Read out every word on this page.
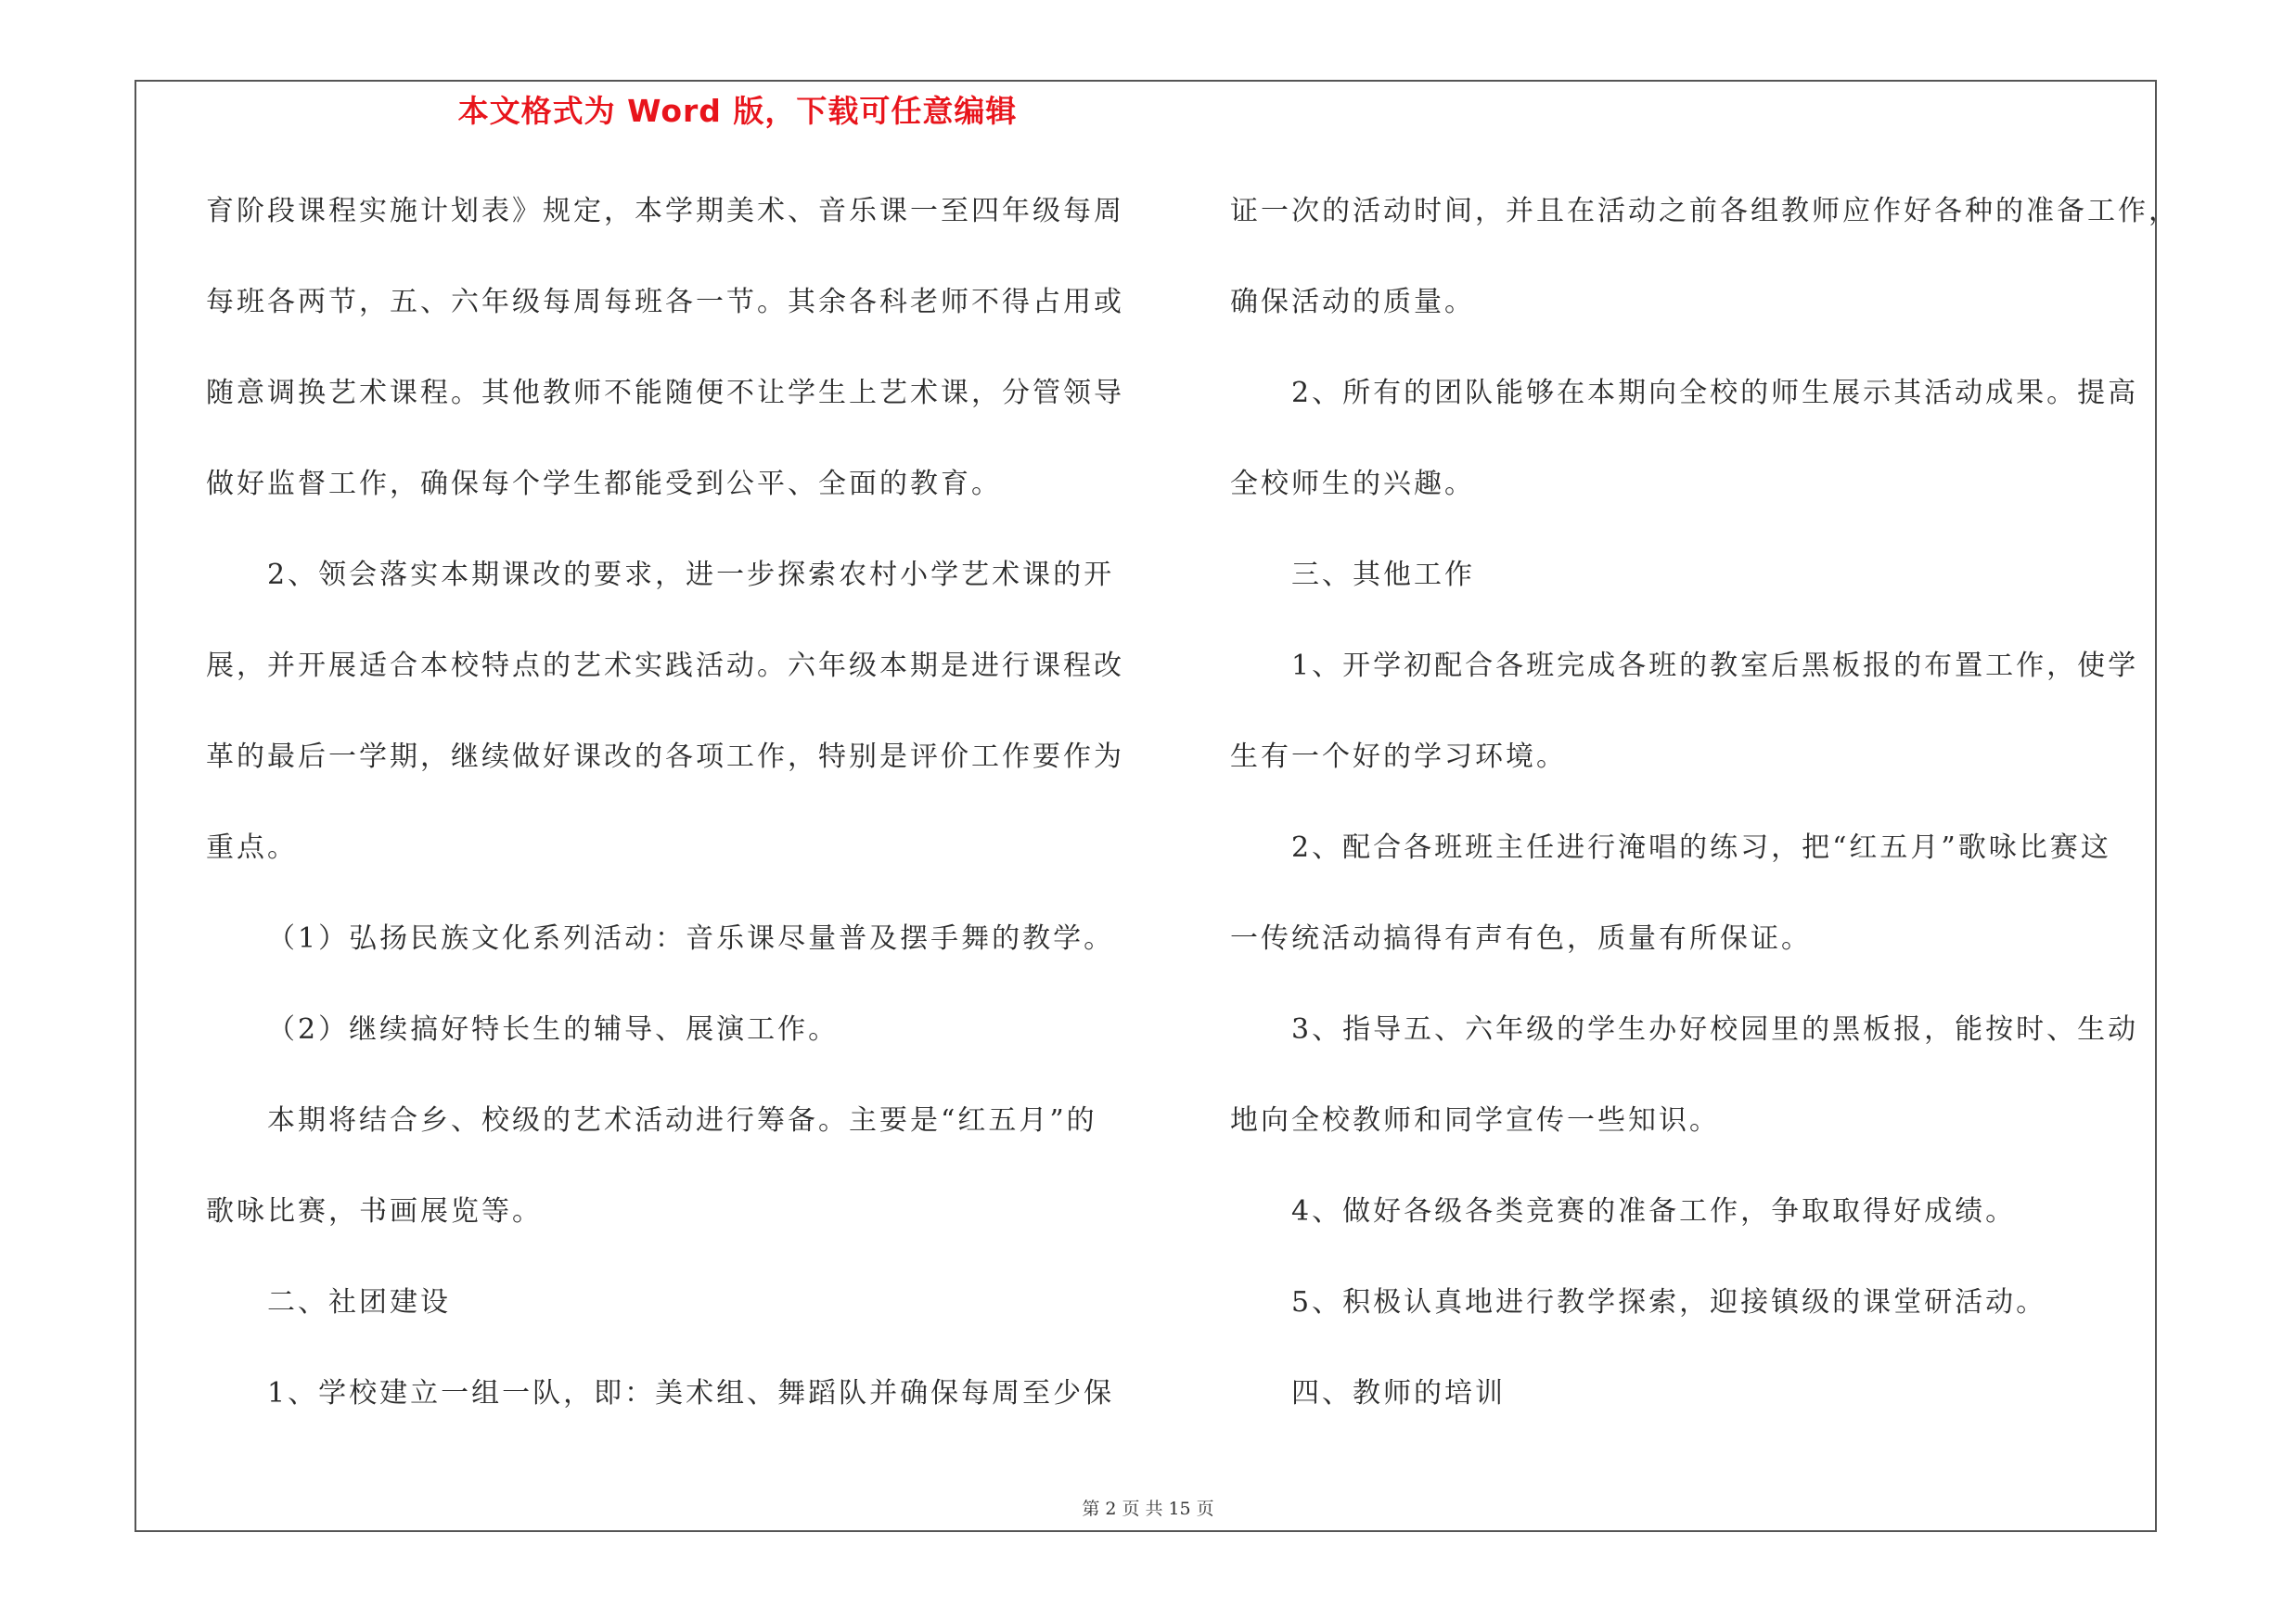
本文格式为 Word 版，下载可任意编辑
育阶段课程实施计划表》规定，本学期美术、音乐课一至四年级每周
每班各两节，五、六年级每周每班各一节。其余各科老师不得占用或
随意调换艺术课程。其他教师不能随便不让学生上艺术课，分管领导
做好监督工作，确保每个学生都能受到公平、全面的教育。
2、领会落实本期课改的要求，进一步探索农村小学艺术课的开
展，并开展适合本校特点的艺术实践活动。六年级本期是进行课程改
革的最后一学期，继续做好课改的各项工作，特别是评价工作要作为
重点。
（1）弘扬民族文化系列活动：音乐课尽量普及摆手舞的教学。
（2）继续搞好特长生的辅导、展演工作。
本期将结合乡、校级的艺术活动进行筹备。主要是“红五月”的
歌咏比赛，书画展览等。
二、社团建设
1、学校建立一组一队，即：美术组、舞蹈队并确保每周至少保
证一次的活动时间，并且在活动之前各组教师应作好各种的准备工作，
确保活动的质量。
2、所有的团队能够在本期向全校的师生展示其活动成果。提高
全校师生的兴趣。
三、其他工作
1、开学初配合各班完成各班的教室后黑板报的布置工作，使学
生有一个好的学习环境。
2、配合各班班主任进行淹唱的练习，把“红五月”歌咏比赛这
一传统活动搞得有声有色，质量有所保证。
3、指导五、六年级的学生办好校园里的黑板报，能按时、生动
地向全校教师和同学宣传一些知识。
4、做好各级各类竞赛的准备工作，争取取得好成绩。
5、积极认真地进行教学探索，迎接镇级的课堂研活动。
四、教师的培训
第 2 页 共 15 页
